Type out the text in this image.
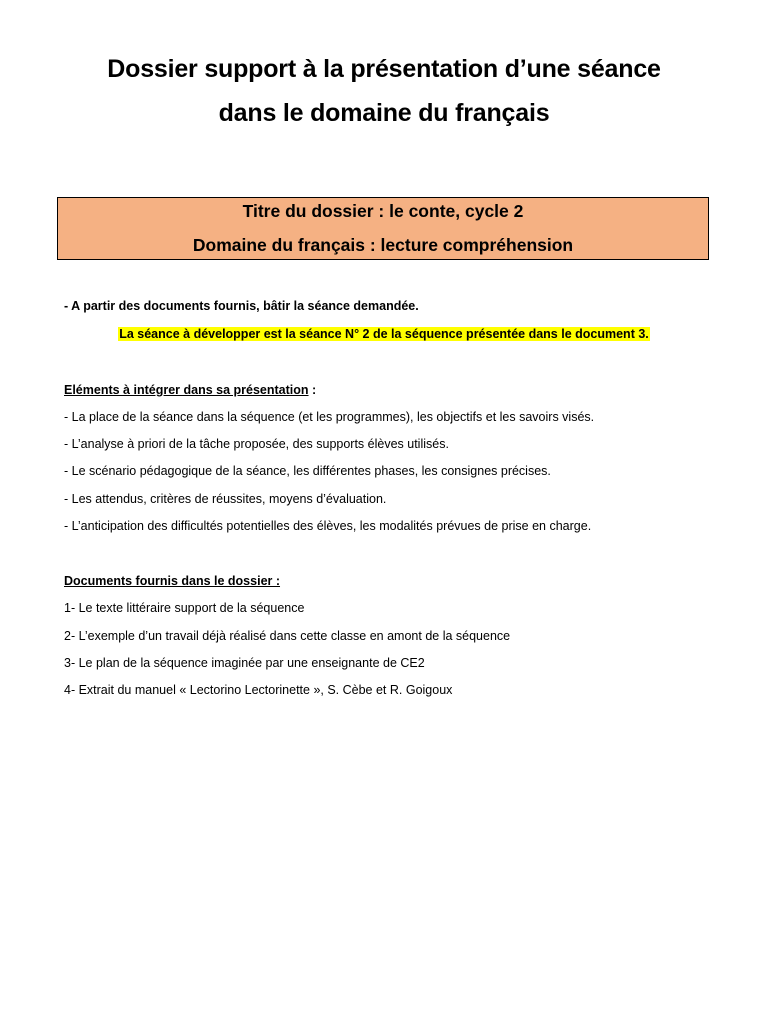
Dossier support à la présentation d’une séance
dans le domaine du français
Titre du dossier : le conte, cycle 2
Domaine du français : lecture compréhension
- A partir des documents fournis, bâtir la séance demandée.
La séance à développer est la séance N° 2 de la séquence présentée dans le document 3.
Eléments à intégrer dans sa présentation :
- La place de la séance dans la séquence (et les programmes), les objectifs et les savoirs visés.
- L’analyse à priori de la tâche proposée, des supports élèves utilisés.
- Le scénario pédagogique de la séance, les différentes phases, les consignes précises.
- Les attendus, critères de réussites, moyens d’évaluation.
- L’anticipation des difficultés potentielles des élèves, les modalités prévues de prise en charge.
Documents fournis dans le dossier :
1- Le texte littéraire support de la séquence
2- L’exemple d’un travail déjà réalisé dans cette classe en amont de la séquence
3- Le plan de la séquence imaginée par une enseignante de CE2
4- Extrait du manuel « Lectorino Lectorinette », S. Cèbe et R. Goigoux
